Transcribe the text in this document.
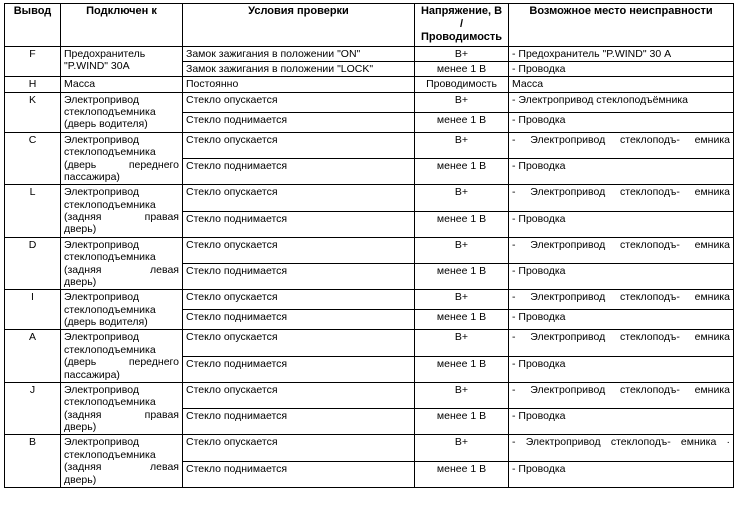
Вывод	Подключен к	Условия проверки	Напряжение, В / Проводимость	Возможное место неисправности
F	Предохранитель
"P.WIND" 30А	Замок зажигания в положении "ON"	В+	- Предохранитель "P.WIND" 30 А
		Замок зажигания в положении "LOCK"	менее 1 В	- Проводка
H	Масса	Постоянно	Проводимость	Масса
K	Электропривод
стеклоподъемника
(дверь водителя)	Стекло опускается	В+	- Электропривод стеклоподъёмника
		Стекло поднимается	менее 1 В	- Проводка
C	Электропривод
стеклоподъемника
(дверь переднего
пассажира)	Стекло опускается	В+	- Электропривод стеклоподъ- емника
		Стекло поднимается	менее 1 В	- Проводка
L	Электропривод
стеклоподъемника
(задняя правая
дверь)	Стекло опускается	В+	- Электропривод стеклоподъ- емника
		Стекло поднимается	менее 1 В	- Проводка
D	Электропривод
стеклоподъемника
(задняя левая
дверь)	Стекло опускается	В+	- Электропривод стеклоподъ- емника
		Стекло поднимается	менее 1 В	- Проводка
I	Электропривод
стеклоподъемника
(дверь водителя)	Стекло опускается	В+	- Электропривод стеклоподъ- емника
		Стекло поднимается	менее 1 В	- Проводка
A	Электропривод
стеклоподъемника
(дверь переднего
пассажира)	Стекло опускается	В+	- Электропривод стеклоподъ- емника
		Стекло поднимается	менее 1 В	- Проводка
J	Электропривод
стеклоподъемника
(задняя правая
дверь)	Стекло опускается	В+	- Электропривод стеклоподъ- емника
		Стекло поднимается	менее 1 В	- Проводка
B	Электропривод
стеклоподъемника
(задняя левая
дверь)	Стекло опускается	В+	- Электропривод стеклоподъ- емника ·
		Стекло поднимается	менее 1 В	- Проводка
